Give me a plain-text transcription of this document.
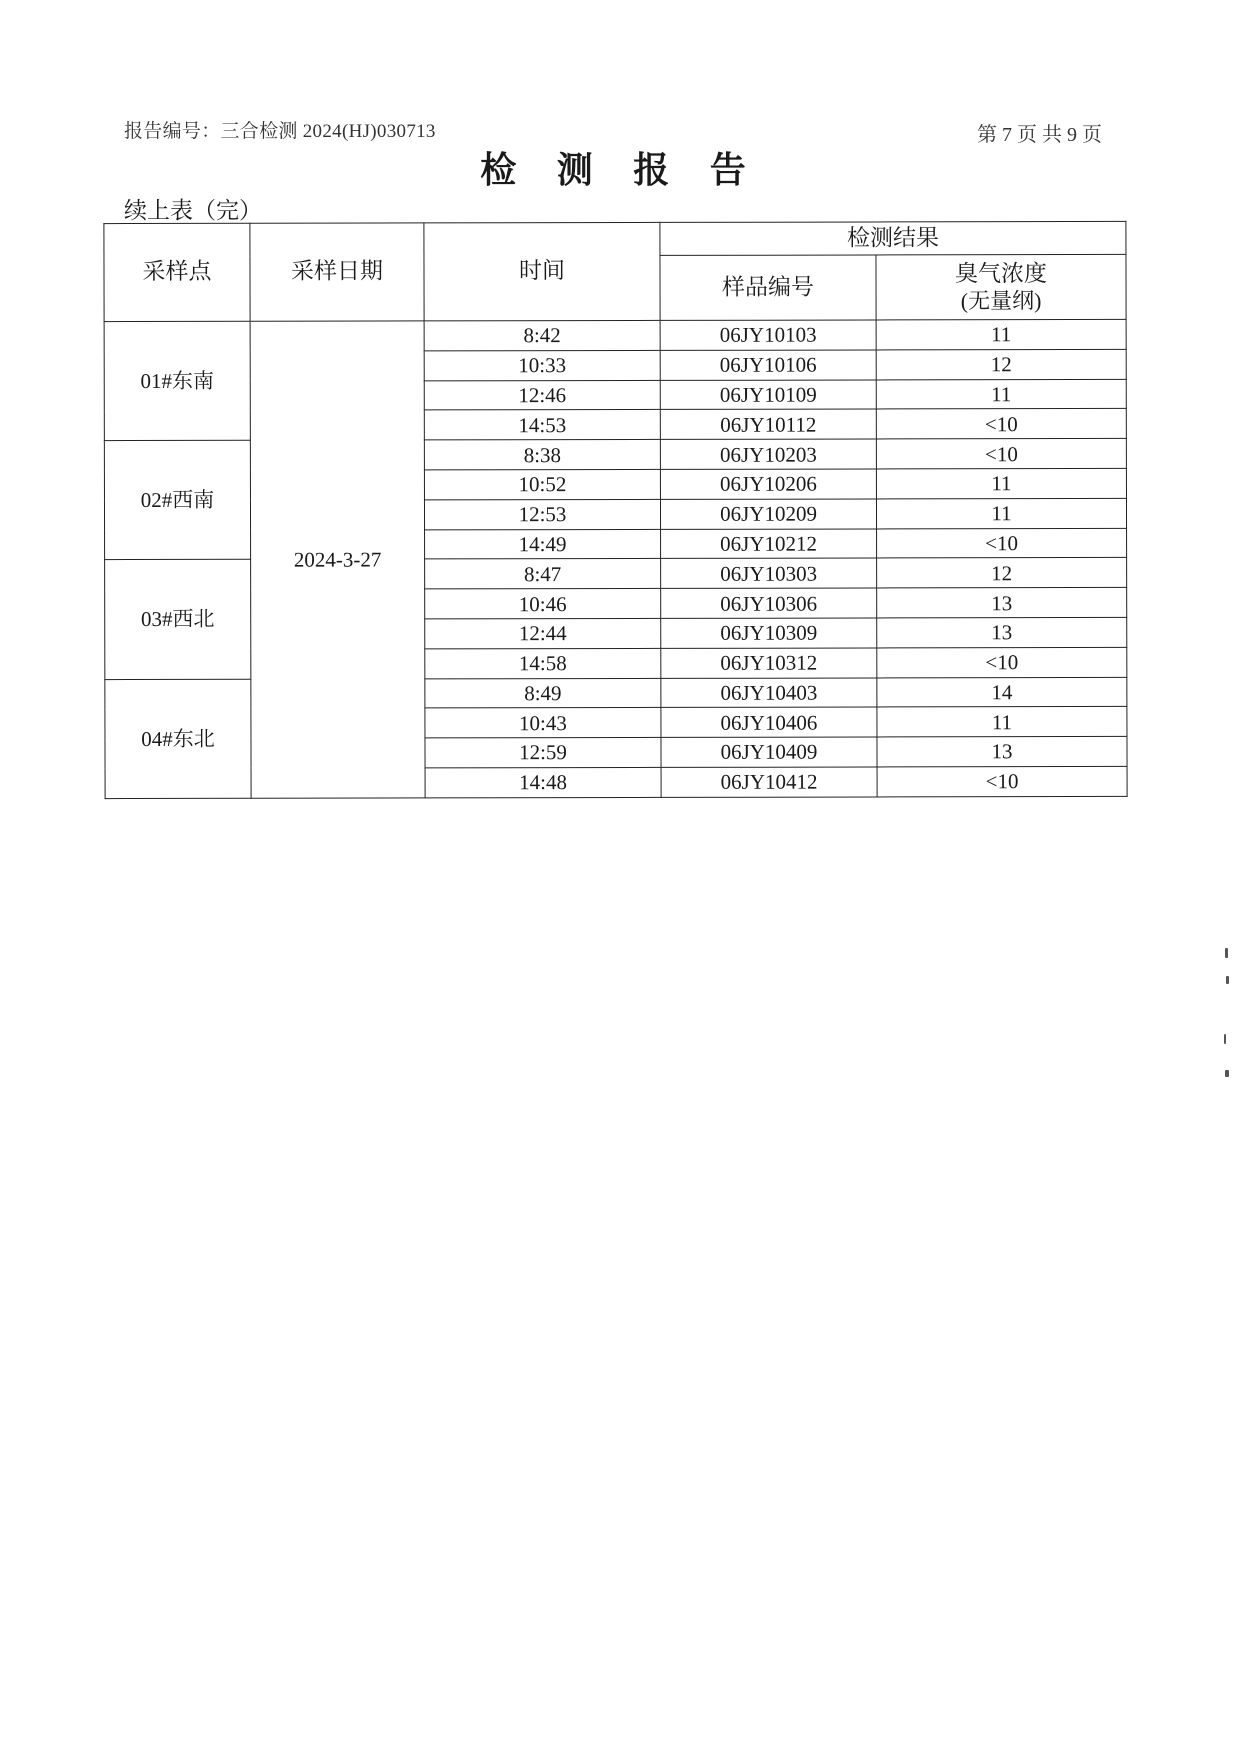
报告编号：三合检测 2024(HJ)030713	第 7 页 共 9 页
检 测 报 告
续上表（完）
采样点	采样日期	时间	检测结果	
			样品编号	臭气浓度
(无量纲)

01#东南	2024-3-27	8:42	06JY10103	11
		10:33	06JY10106	12
		12:46	06JY10109	11
		14:53	06JY10112	<10
02#西南		8:38	06JY10203	<10
		10:52	06JY10206	11
		12:53	06JY10209	11
		14:49	06JY10212	<10
03#西北		8:47	06JY10303	12
		10:46	06JY10306	13
		12:44	06JY10309	13
		14:58	06JY10312	<10
04#东北		8:49	06JY10403	14
		10:43	06JY10406	11
		12:59	06JY10409	13
		14:48	06JY10412	<10
